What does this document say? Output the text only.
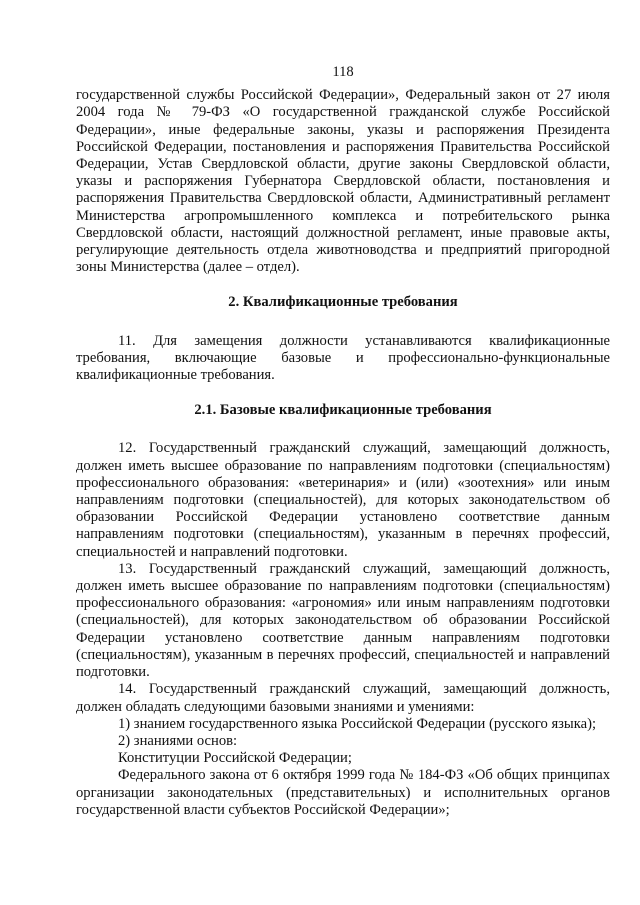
118

государственной службы Российской Федерации», Федеральный закон от 27 июля 2004 года № 79-ФЗ «О государственной гражданской службе Российской Федерации», иные федеральные законы, указы и распоряжения Президента Российской Федерации, постановления и распоряжения Правительства Российской Федерации, Устав Свердловской области, другие законы Свердловской области, указы и распоряжения Губернатора Свердловской области, постановления и распоряжения Правительства Свердловской области, Административный регламент Министерства агропромышленного комплекса и потребительского рынка Свердловской области, настоящий должностной регламент, иные правовые акты, регулирующие деятельность отдела животноводства и предприятий пригородной зоны Министерства (далее – отдел).

2. Квалификационные требования

11. Для замещения должности устанавливаются квалификационные требования, включающие базовые и профессионально-функциональные квалификационные требования.

2.1. Базовые квалификационные требования

12. Государственный гражданский служащий, замещающий должность, должен иметь высшее образование по направлениям подготовки (специальностям) профессионального образования: «ветеринария» и (или) «зоотехния» или иным направлениям подготовки (специальностей), для которых законодательством об образовании Российской Федерации установлено соответствие данным направлениям подготовки (специальностям), указанным в перечнях профессий, специальностей и направлений подготовки.

13. Государственный гражданский служащий, замещающий должность, должен иметь высшее образование по направлениям подготовки (специальностям) профессионального образования: «агрономия» или иным направлениям подготовки (специальностей), для которых законодательством об образовании Российской Федерации установлено соответствие данным направлениям подготовки (специальностям), указанным в перечнях профессий, специальностей и направлений подготовки.

14. Государственный гражданский служащий, замещающий должность, должен обладать следующими базовыми знаниями и умениями:

1) знанием государственного языка Российской Федерации (русского языка);

2) знаниями основ:

Конституции Российской Федерации;

Федерального закона от 6 октября 1999 года № 184-ФЗ «Об общих принципах организации законодательных (представительных) и исполнительных органов государственной власти субъектов Российской Федерации»;
